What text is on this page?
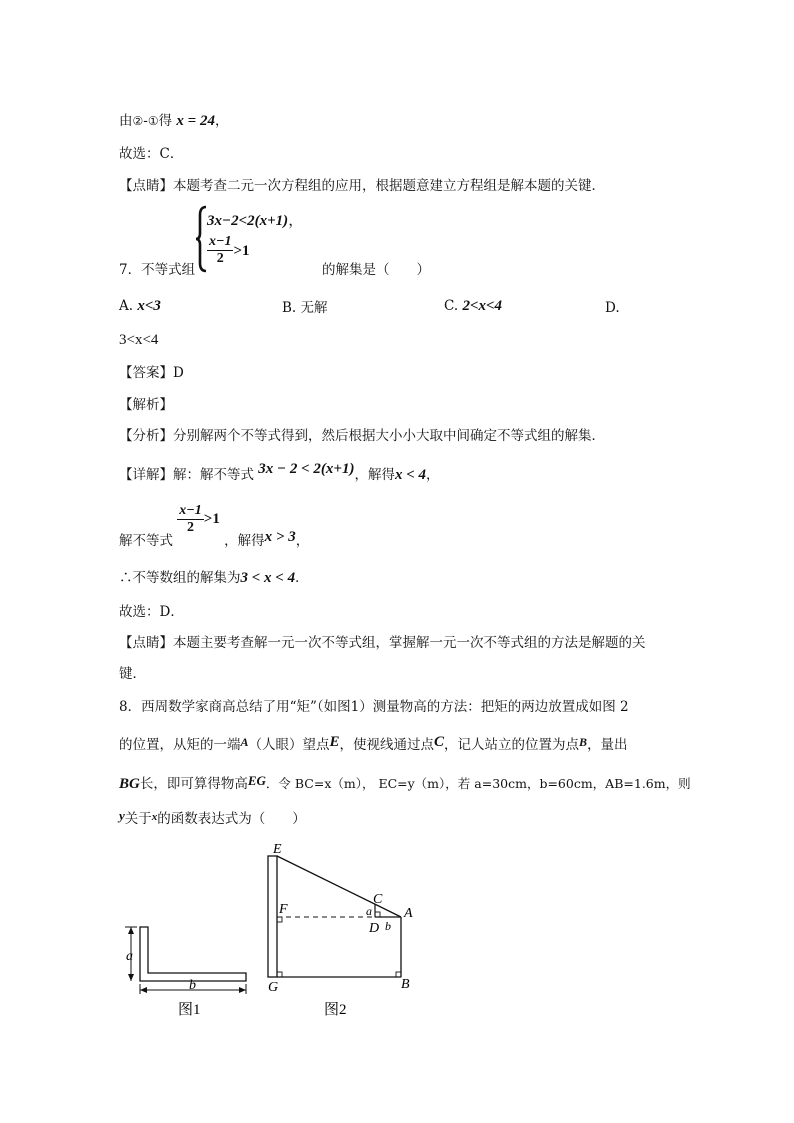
由②-①得 x = 24，
故选：C．
【点睛】本题考查二元一次方程组的应用，根据题意建立方程组是解本题的关键．
3x−2<2(x+1)，
$\frac{x-1}{2} >1$
7．不等式组	的解集是（　　）
A. x<3	B. 无解	C. 2<x<4	D.
3<x<4
【答案】D
【解析】
【分析】分别解两个不等式得到，然后根据大小小大取中间确定不等式组的解集．
【详解】解：解不等式 3x − 2 < 2(x+1)，解得x < 4，
解不等式
$\frac{x-1}{2} >1$ ，解得x > 3，
∴不等数组的解集为3 < x < 4．
故选：D．
【点睛】本题主要考查解一元一次不等式组，掌握解一元一次不等式组的方法是解题的关
键．
8．西周数学家商高总结了用“矩”（如图1）测量物高的方法：把矩的两边放置成如图 2
的位置，从矩的一端A（人眼）望点E，使视线通过点C，记人站立的位置为点B，量出
BG长，即可算得物高EG．令 BC=x（m）， EC=y（m），若 a=30cm，b=60cm，AB=1.6m，则
y关于$^x$的函数表达式为（　　）
a
b
图1
E
F
G
C
a
D b
A
B
图2
